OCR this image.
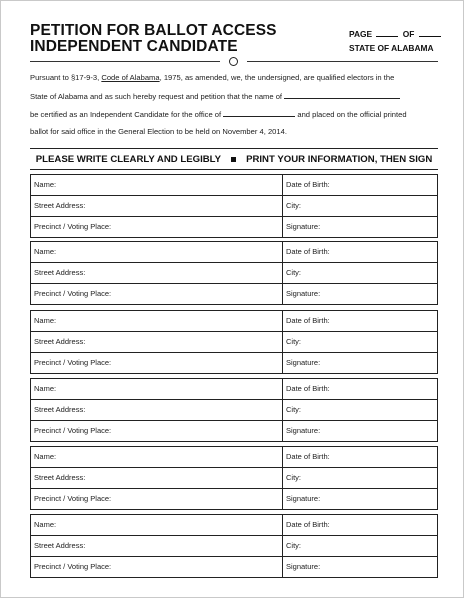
PETITION FOR BALLOT ACCESS
INDEPENDENT CANDIDATE
PAGE	OF
STATE OF ALABAMA
Pursuant to §17-9-3, Code of Alabama, 1975, as amended, we, the undersigned, are qualified electors in the
State of Alabama and as such hereby request and petition that the name of
be certified as an Independent Candidate for the office of	and placed on the official printed
ballot for said office in the General Election to be held on November 4, 2014.
PLEASE WRITE CLEARLY AND LEGIBLY	PRINT YOUR INFORMATION, THEN SIGN
Name:	Date of Birth:
Street Address:	City:
Precinct / Voting Place:	Signature:
Name:	Date of Birth:
Street Address:	City:
Precinct / Voting Place:	Signature:
Name:	Date of Birth:
Street Address:	City:
Precinct / Voting Place:	Signature:
Name:	Date of Birth:
Street Address:	City:
Precinct / Voting Place:	Signature:
Name:	Date of Birth:
Street Address:	City:
Precinct / Voting Place:	Signature:
Name:	Date of Birth:
Street Address:	City:
Precinct / Voting Place:	Signature:
